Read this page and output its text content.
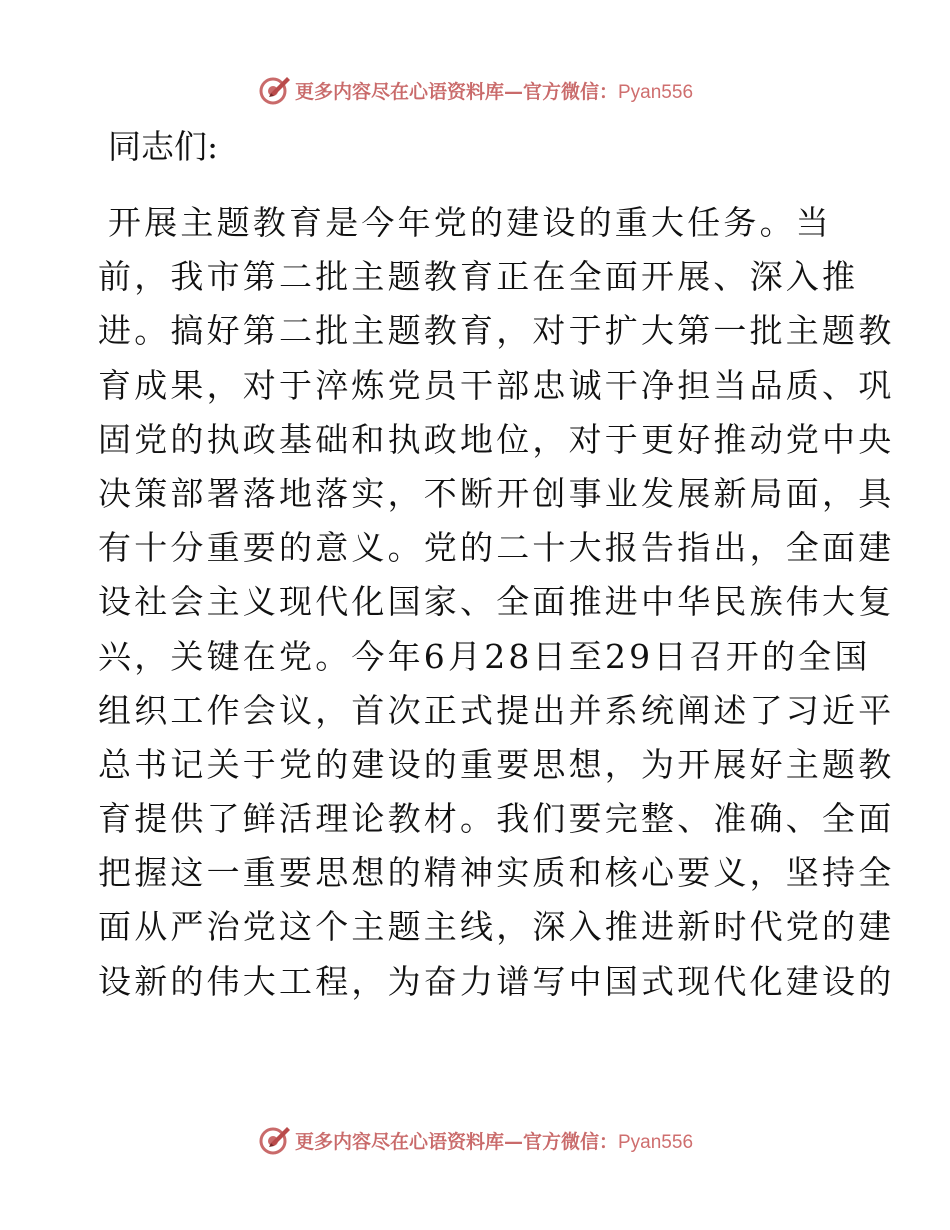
更多内容尽在心语资料库—官方微信：Pyan556
同志们:
开展主题教育是今年党的建设的重大任务。当
前，我市第二批主题教育正在全面开展、深入推
进。搞好第二批主题教育，对于扩大第一批主题教
育成果，对于淬炼党员干部忠诚干净担当品质、巩
固党的执政基础和执政地位，对于更好推动党中央
决策部署落地落实，不断开创事业发展新局面，具
有十分重要的意义。党的二十大报告指出，全面建
设社会主义现代化国家、全面推进中华民族伟大复
兴，关键在党。今年6月28日至29日召开的全国
组织工作会议，首次正式提出并系统阐述了习近平
总书记关于党的建设的重要思想，为开展好主题教
育提供了鲜活理论教材。我们要完整、准确、全面
把握这一重要思想的精神实质和核心要义，坚持全
面从严治党这个主题主线，深入推进新时代党的建
设新的伟大工程，为奋力谱写中国式现代化建设的
更多内容尽在心语资料库—官方微信：Pyan556
